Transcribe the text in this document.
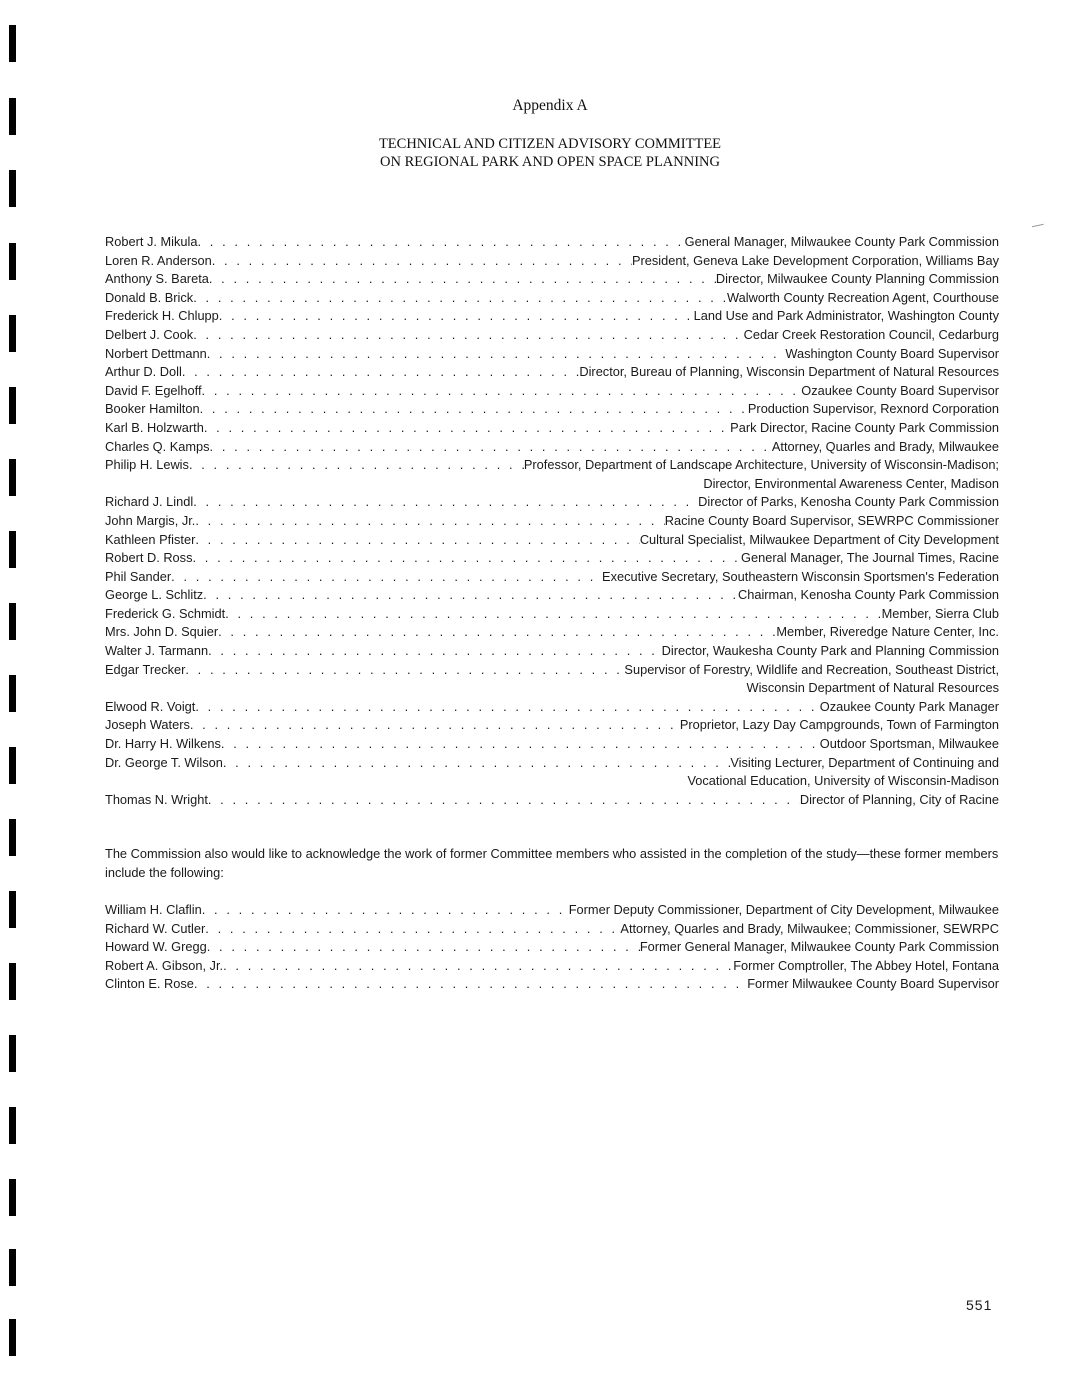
Appendix A
TECHNICAL AND CITIZEN ADVISORY COMMITTEE
ON REGIONAL PARK AND OPEN SPACE PLANNING
Robert J. Mikula . . .	General Manager, Milwaukee County Park Commission
Loren R. Anderson . . .	President, Geneva Lake Development Corporation, Williams Bay
Anthony S. Bareta . . .	Director, Milwaukee County Planning Commission
Donald B. Brick . . .	Walworth County Recreation Agent, Courthouse
Frederick H. Chlupp . . .	Land Use and Park Administrator, Washington County
Delbert J. Cook . . .	Cedar Creek Restoration Council, Cedarburg
Norbert Dettmann . . .	Washington County Board Supervisor
Arthur D. Doll . . .	Director, Bureau of Planning, Wisconsin Department of Natural Resources
David F. Egelhoff . . .	Ozaukee County Board Supervisor
Booker Hamilton . . .	Production Supervisor, Rexnord Corporation
Karl B. Holzwarth . . .	Park Director, Racine County Park Commission
Charles Q. Kamps . . .	Attorney, Quarles and Brady, Milwaukee
Philip H. Lewis . . .	Professor, Department of Landscape Architecture, University of Wisconsin-Madison;
Director, Environmental Awareness Center, Madison
Richard J. Lindl . . .	Director of Parks, Kenosha County Park Commission
John Margis, Jr. . . .	Racine County Board Supervisor, SEWRPC Commissioner
Kathleen Pfister . . .	Cultural Specialist, Milwaukee Department of City Development
Robert D. Ross . . .	General Manager, The Journal Times, Racine
Phil Sander . . .	Executive Secretary, Southeastern Wisconsin Sportsmen's Federation
George L. Schlitz . . .	Chairman, Kenosha County Park Commission
Frederick G. Schmidt . . .	Member, Sierra Club
Mrs. John D. Squier . . .	Member, Riveredge Nature Center, Inc.
Walter J. Tarmann . . .	Director, Waukesha County Park and Planning Commission
Edgar Trecker . . .	Supervisor of Forestry, Wildlife and Recreation, Southeast District,
Wisconsin Department of Natural Resources
Elwood R. Voigt . . .	Ozaukee County Park Manager
Joseph Waters . . .	Proprietor, Lazy Day Campgrounds, Town of Farmington
Dr. Harry H. Wilkens . . .	Outdoor Sportsman, Milwaukee
Dr. George T. Wilson . . .	Visiting Lecturer, Department of Continuing and
Vocational Education, University of Wisconsin-Madison
Thomas N. Wright . . .	Director of Planning, City of Racine
The Commission also would like to acknowledge the work of former Committee members who assisted in the completion of the study—these former members include the following:
William H. Claflin . . .	Former Deputy Commissioner, Department of City Development, Milwaukee
Richard W. Cutler . . .	Attorney, Quarles and Brady, Milwaukee; Commissioner, SEWRPC
Howard W. Gregg . . .	Former General Manager, Milwaukee County Park Commission
Robert A. Gibson, Jr. . . .	Former Comptroller, The Abbey Hotel, Fontana
Clinton E. Rose . . .	Former Milwaukee County Board Supervisor
551
